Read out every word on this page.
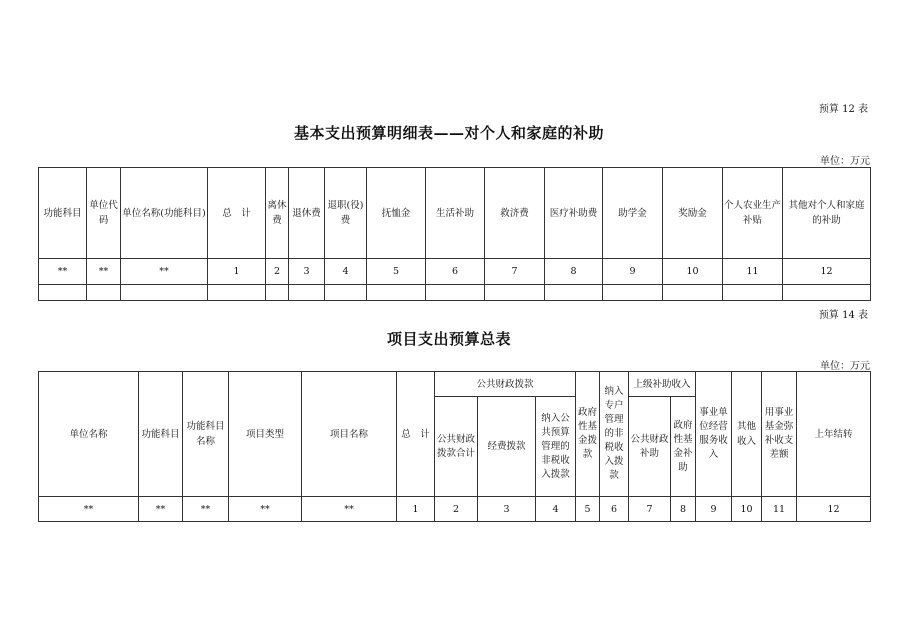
预算 12 表
基本支出预算明细表——对个人和家庭的补助
单位：万元
功能科目	单位代码	单位名称(功能科目)	总　计	离休费	退休费	退职(役)费	抚恤金	生活补助	救济费	医疗补助费	助学金	奖励金	个人农业生产补贴	其他对个人和家庭的补助
**	**	**	1	2	3	4	5	6	7	8	9	10	11	12

预算 14 表
项目支出预算总表
单位：万元
单位名称	功能科目	功能科目名称	项目类型	项目名称	总　计	公共财政拨款			政府性基金拨款	纳入专户管理的非税收入拨款	上级补助收入		事业单位经营服务收入	其他收入	用事业基金弥补收支差额	上年结转
						公共财政拨款合计	经费拨款	纳入公共预算管理的非税收入拨款			公共财政补助	政府性基金补助				
**	**	**	**	**	1	2	3	4	5	6	7	8	9	10	11	12
